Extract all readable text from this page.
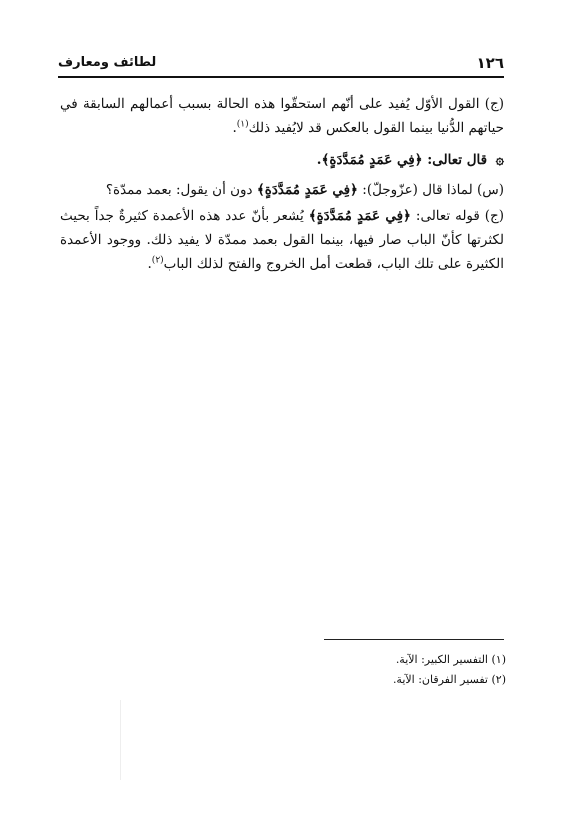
١٢٦
لطائف ومعارف

(ج) القول الأوّل يُفيد على أنّهم استحقّوا هذه الحالة بسبب أعمالهم السابقة في حياتهم الدُّنيا بينما القول بالعكس قد لايُفيد ذلك$^{(١)}$.

۞ قال تعالى: ﴿فِي عَمَدٍ مُمَدَّدَةٍ﴾.

(س) لماذا قال (عزّوجلّ): ﴿فِي عَمَدٍ مُمَدَّدَةٍ﴾ دون أن يقول: بعمد ممدّة؟

(ج) قوله تعالى: ﴿فِي عَمَدٍ مُمَدَّدَةٍ﴾ يُشعر بأنّ عدد هذه الأعمدة كثيرةٌ جداً بحيث لكثرتها كأنّ الباب صار فيها، بينما القول بعمد ممدّة لا يفيد ذلك. ووجود الأعمدة الكثيرة على تلك الباب، قطعت أمل الخروج والفتح لذلك الباب$^{(٢)}$.

(١) التفسير الكبير: الآية.

(٢) تفسير الفرقان: الآية.
